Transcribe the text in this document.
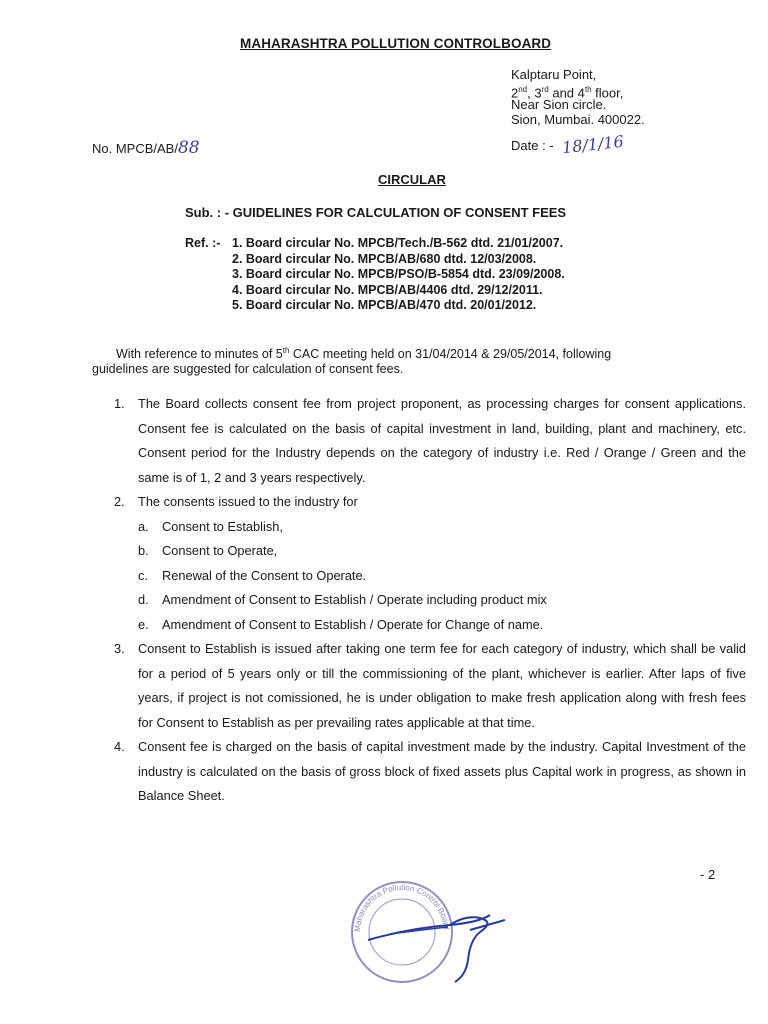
MAHARASHTRA POLLUTION CONTROLBOARD
Kalptaru Point,
2nd, 3rd and 4th floor,
Near Sion circle.
Sion, Mumbai. 400022.
No. MPCB/AB/88	Date : - 18/1/16
CIRCULAR
Sub. : - GUIDELINES FOR CALCULATION OF CONSENT FEES
Ref. :- 1. Board circular No. MPCB/Tech./B-562 dtd. 21/01/2007.
2. Board circular No. MPCB/AB/680 dtd. 12/03/2008.
3. Board circular No. MPCB/PSO/B-5854 dtd. 23/09/2008.
4. Board circular No. MPCB/AB/4406 dtd. 29/12/2011.
5. Board circular No. MPCB/AB/470 dtd. 20/01/2012.
With reference to minutes of 5th CAC meeting held on 31/04/2014 & 29/05/2014, following
guidelines are suggested for calculation of consent fees.
1.	The Board collects consent fee from project proponent, as processing charges for consent applications. Consent fee is calculated on the basis of capital investment in land, building, plant and machinery, etc. Consent period for the Industry depends on the category of industry i.e. Red / Orange / Green and the same is of 1, 2 and 3 years respectively.
2.	The consents issued to the industry for
a.	Consent to Establish,
b.	Consent to Operate,
c.	Renewal of the Consent to Operate.
d.	Amendment of Consent to Establish / Operate including product mix
e.	Amendment of Consent to Establish / Operate for Change of name.
3.	Consent to Establish is issued after taking one term fee for each category of industry, which shall be valid for a period of 5 years only or till the commissioning of the plant, whichever is earlier. After laps of five years, if project is not comissioned, he is under obligation to make fresh application along with fresh fees for Consent to Establish as per prevailing rates applicable at that time.
4.	Consent fee is charged on the basis of capital investment made by the industry. Capital Investment of the industry is calculated on the basis of gross block of fixed assets plus Capital work in progress, as shown in Balance Sheet.
- 2
Maharashtra Pollution Control Board
